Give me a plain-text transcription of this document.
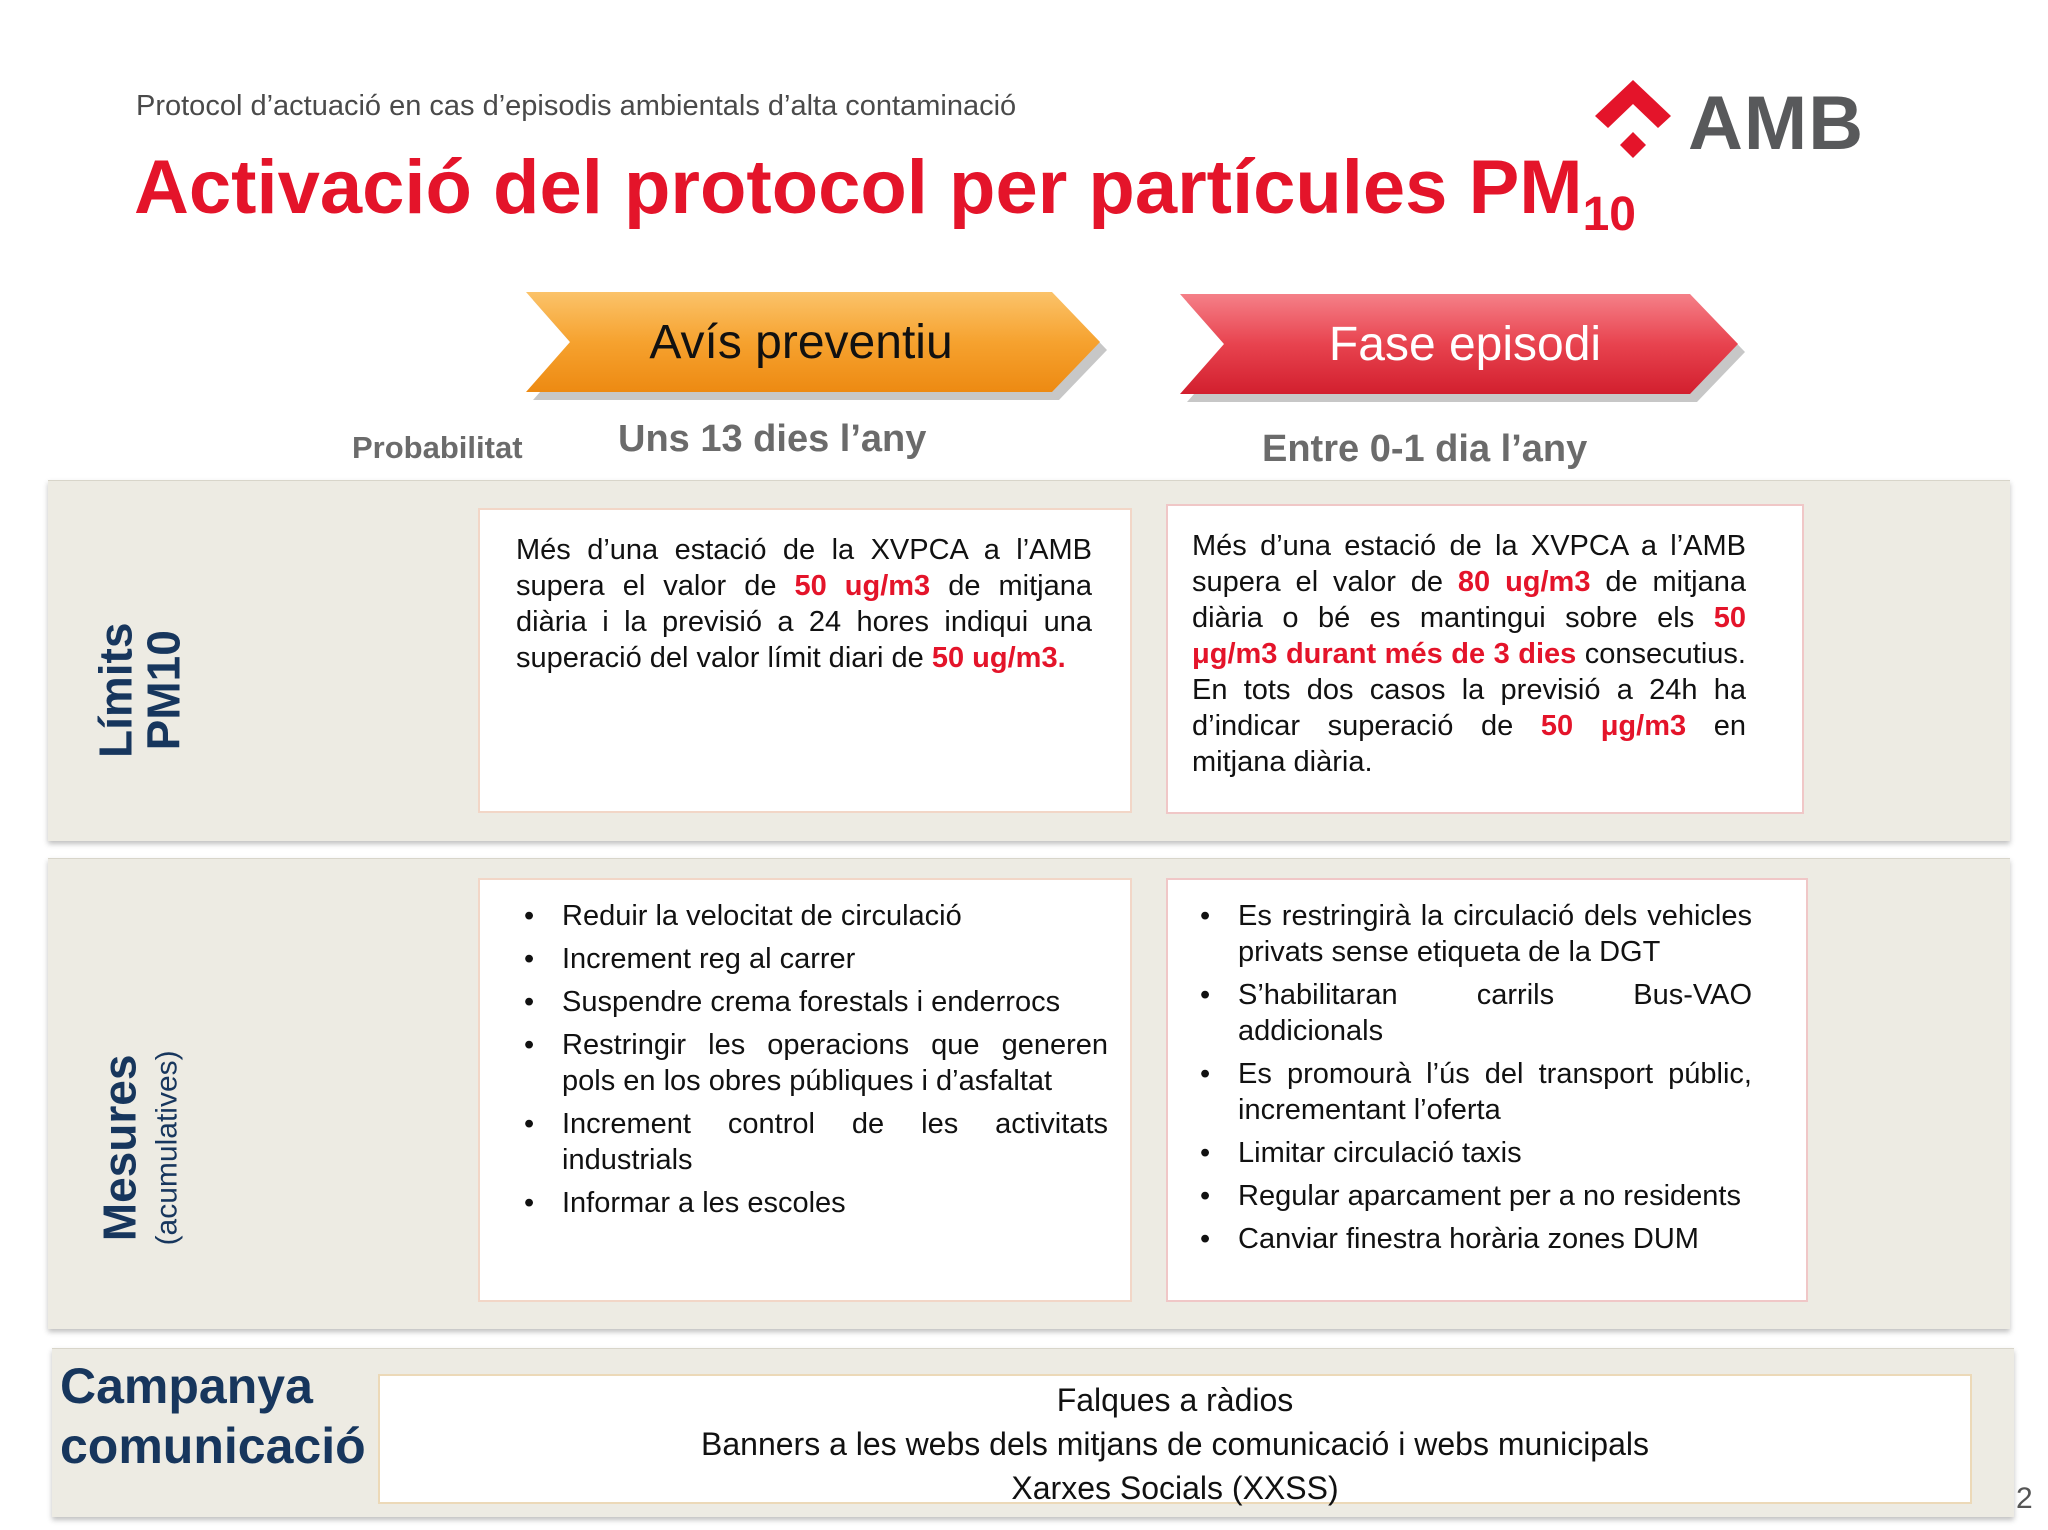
Protocol d’actuació en cas d’episodis ambientals d’alta contaminació
Activació del protocol per partícules $PM_{10}$
AMB
Avís preventiu	Fase episodi
Probabilitat	Uns 13 dies l’any	Entre 0-1 dia l’any
Límits
PM10
Més d’una estació de la XVPCA a l’AMB supera el valor de 50 ug/m3 de mitjana diària i la previsió a 24 hores indiqui una superació del valor límit diari de 50 ug/m3.
Més d’una estació de la XVPCA a l’AMB supera el valor de 80 ug/m3 de mitjana diària o bé es mantingui sobre els 50 μg/m3 durant més de 3 dies consecutius. En tots dos casos la previsió a 24h ha d’indicar superació de 50 μg/m3 en mitjana diària.
Mesures (acumulatives)
• Reduir la velocitat de circulació
• Increment reg al carrer
• Suspendre crema forestals i enderrocs
• Restringir les operacions que generen pols en los obres públiques i d’asfaltat
• Increment control de les activitats industrials
• Informar a les escoles
• Es restringirà la circulació dels vehicles privats sense etiqueta de la DGT
• S’habilitaran carrils Bus-VAO addicionals
• Es promourà l’ús del transport públic, incrementant l’oferta
• Limitar circulació taxis
• Regular aparcament per a no residents
• Canviar finestra horària zones DUM
Campanya
comunicació
Falques a ràdios
Banners a les webs dels mitjans de comunicació i webs municipals
Xarxes Socials (XXSS)	2
